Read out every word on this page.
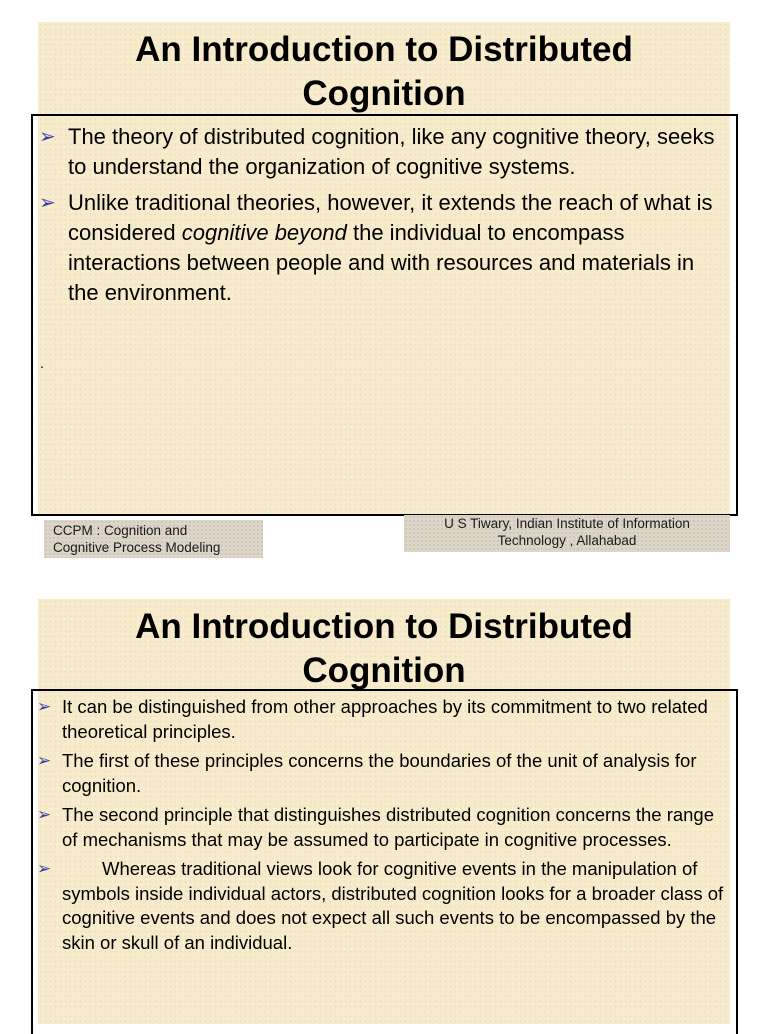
An Introduction to Distributed
Cognition
➢ The theory of distributed cognition, like any cognitive theory, seeks to understand the organization of cognitive systems.
➢ Unlike traditional theories, however, it extends the reach of what is considered cognitive beyond the individual to encompass interactions between people and with resources and materials in the environment.
.
CCPM : Cognition and
Cognitive Process Modeling
U S Tiwary, Indian Institute of Information
Technology , Allahabad
An Introduction to Distributed
Cognition
➢ It can be distinguished from other approaches by its commitment to two related theoretical principles.
➢ The first of these principles concerns the boundaries of the unit of analysis for cognition.
➢ The second principle that distinguishes distributed cognition concerns the range of mechanisms that may be assumed to participate in cognitive processes.
➢	Whereas traditional views look for cognitive events in the manipulation of symbols inside individual actors, distributed cognition looks for a broader class of cognitive events and does not expect all such events to be encompassed by the skin or skull of an individual.
